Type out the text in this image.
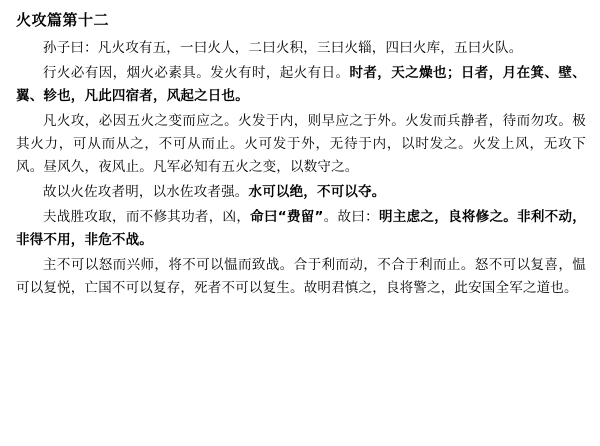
火攻篇第十二

孙子曰：凡火攻有五，一曰火人，二曰火积，三曰火辎，四曰火库，五曰火队。

行火必有因，烟火必素具。发火有时，起火有日。时者，天之燥也；日者，月在箕、壁、翼、轸也，凡此四宿者，风起之日也。

凡火攻，必因五火之变而应之。火发于内，则早应之于外。火发而兵静者，待而勿攻。极其火力，可从而从之，不可从而止。火可发于外，无待于内，以时发之。火发上风，无攻下风。昼风久，夜风止。凡军必知有五火之变，以数守之。

故以火佐攻者明，以水佐攻者强。水可以绝，不可以夺。

夫战胜攻取，而不修其功者，凶，命曰“费留”。故曰：明主虑之，良将修之。非利不动，非得不用，非危不战。

主不可以怒而兴师，将不可以愠而致战。合于利而动，不合于利而止。怒不可以复喜，愠可以复悦，亡国不可以复存，死者不可以复生。故明君慎之，良将警之，此安国全军之道也。
